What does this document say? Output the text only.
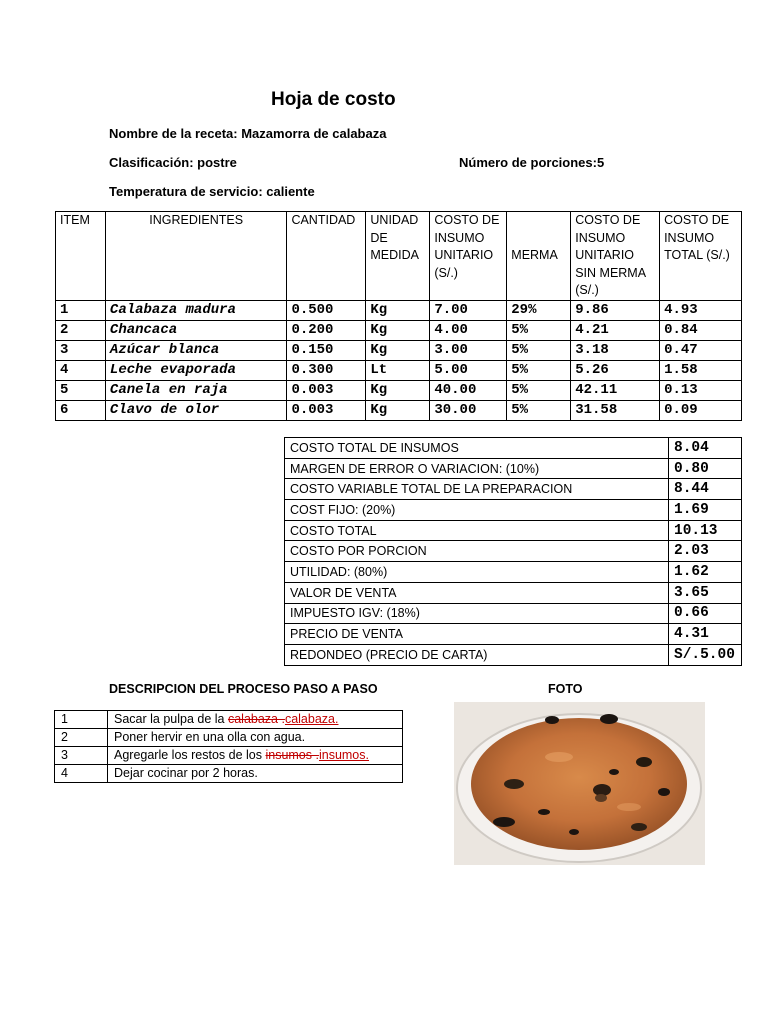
Hoja de costo
Nombre de la receta: Mazamorra de calabaza
Clasificación: postre	Número de porciones:5
Temperatura de servicio: caliente
ITEM	INGREDIENTES	CANTIDAD	UNIDAD DE MEDIDA	COSTO DE INSUMO UNITARIO (S/.)	MERMA	COSTO DE INSUMO UNITARIO SIN MERMA (S/.)	COSTO DE INSUMO TOTAL (S/.)
1	Calabaza madura	0.500	Kg	7.00	29%	9.86	4.93
2	Chancaca	0.200	Kg	4.00	5%	4.21	0.84
3	Azúcar blanca	0.150	Kg	3.00	5%	3.18	0.47
4	Leche evaporada	0.300	Lt	5.00	5%	5.26	1.58
5	Canela en raja	0.003	Kg	40.00	5%	42.11	0.13
6	Clavo de olor	0.003	Kg	30.00	5%	31.58	0.09
COSTO TOTAL DE INSUMOS	8.04
MARGEN DE ERROR O VARIACION: (10%)	0.80
COSTO VARIABLE TOTAL DE LA PREPARACION	8.44
COST FIJO: (20%)	1.69
COSTO TOTAL	10.13
COSTO POR PORCION	2.03
UTILIDAD: (80%)	1.62
VALOR DE VENTA	3.65
IMPUESTO IGV: (18%)	0.66
PRECIO DE VENTA	4.31
REDONDEO (PRECIO DE CARTA)	S/.5.00
DESCRIPCION DEL PROCESO PASO A PASO	FOTO
1	Sacar la pulpa de la calabaza .calabaza.
2	Poner hervir en una olla con agua.
3	Agregarle los restos de los insumos .insumos.
4	Dejar cocinar por 2 horas.
